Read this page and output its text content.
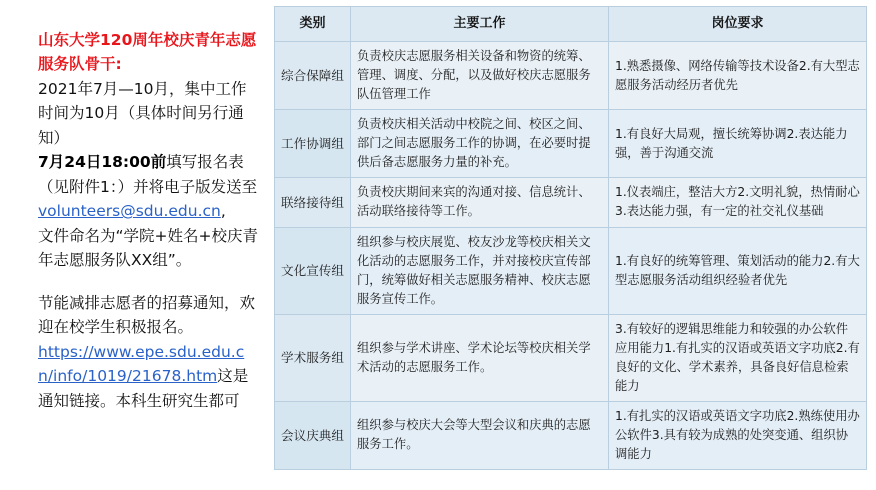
山东大学120周年校庆青年志愿服务队骨干:
2021年7月—10月，集中工作时间为10月（具体时间另行通知）
7月24日18:00前填写报名表（见附件1：）并将电子版发送至
volunteers@sdu.edu.cn,
文件命名为“学院+姓名+校庆青年志愿服务队XX组”。

节能减排志愿者的招募通知，欢迎在校学生积极报名。
https://www.epe.sdu.edu.cn/info/1019/21678.htm这是通知链接。本科生研究生都可

类别	主要工作	岗位要求
综合保障组	负责校庆志愿服务相关设备和物资的统筹、管理、调度、分配，以及做好校庆志愿服务队伍管理工作	1.熟悉摄像、网络传输等技术设备2.有大型志愿服务活动经历者优先
工作协调组	负责校庆相关活动中校院之间、校区之间、部门之间志愿服务工作的协调，在必要时提供后备志愿服务力量的补充。	1.有良好大局观，擅长统筹协调2.表达能力强，善于沟通交流
联络接待组	负责校庆期间来宾的沟通对接、信息统计、活动联络接待等工作。	1.仪表端庄，整洁大方2.文明礼貌，热情耐心3.表达能力强，有一定的社交礼仪基础
文化宣传组	组织参与校庆展览、校友沙龙等校庆相关文化活动的志愿服务工作，并对接校庆宣传部门，统筹做好相关志愿服务精神、校庆志愿服务宣传工作。	1.有良好的统筹管理、策划活动的能力2.有大型志愿服务活动组织经验者优先
学术服务组	组织参与学术讲座、学术论坛等校庆相关学术活动的志愿服务工作。	3.有较好的逻辑思维能力和较强的办公软件应用能力1.有扎实的汉语或英语文字功底2.有良好的文化、学术素养，具备良好信息检索能力
会议庆典组	组织参与校庆大会等大型会议和庆典的志愿服务工作。	1.有扎实的汉语或英语文字功底2.熟练使用办公软件3.具有较为成熟的处突变通、组织协调能力
